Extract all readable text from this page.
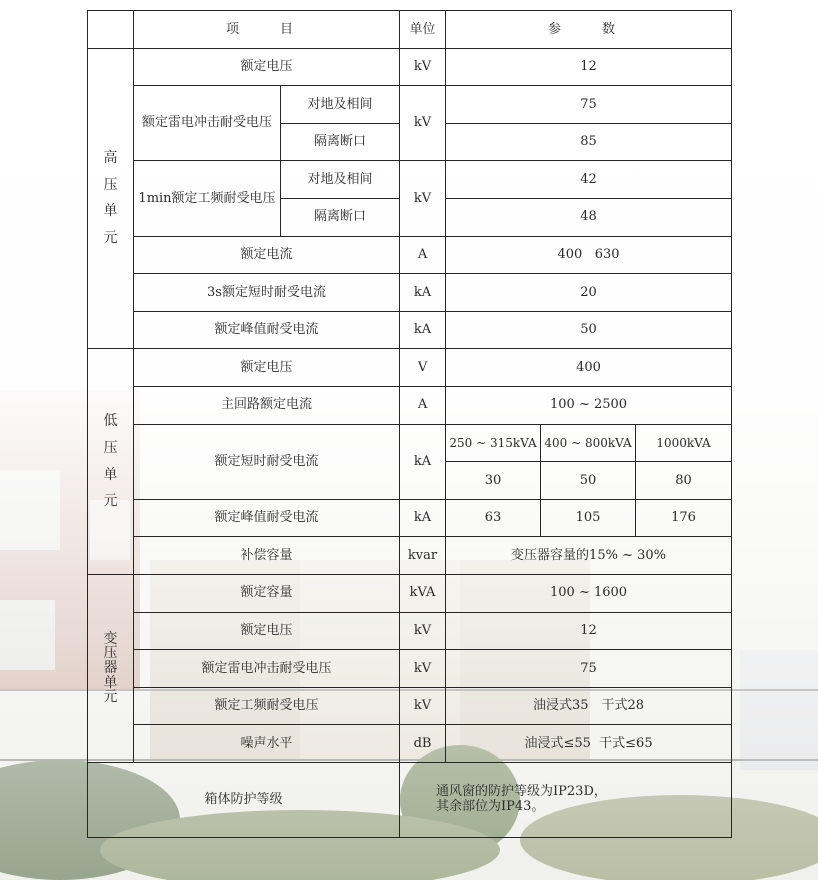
	项　目		单位	参　数		

高
压
单
元	额定电压		kV	12		
	额定雷电冲击耐受电压	对地及相间	kV	75		
		隔离断口		85		
	1min额定工频耐受电压	对地及相间	kV	42		
		隔离断口		48		
	额定电流		A	400   630		
	3s额定短时耐受电流		kA	20		
	额定峰值耐受电流		kA	50		

低
压
单
元	额定电压		V	400		
	主回路额定电流		A	100 ~ 2500		
	额定短时耐受电流		kA	250 ~ 315kVA	400 ~ 800kVA	1000kVA
				30	50	80
	额定峰值耐受电流		kA	63	105	176
	补偿容量		kvar	变压器容量的15% ~ 30%		

变
压
器
单
元	额定容量		kVA	100 ~ 1600		
	额定电压		kV	12		
	额定雷电冲击耐受电压		kV	75		
	额定工频耐受电压		kV	油浸式35　干式28		
	噪声水平		dB	油浸式≤55  干式≤65		
箱体防护等级			通风窗的防护等级为IP23D，
其余部位为IP43。			
